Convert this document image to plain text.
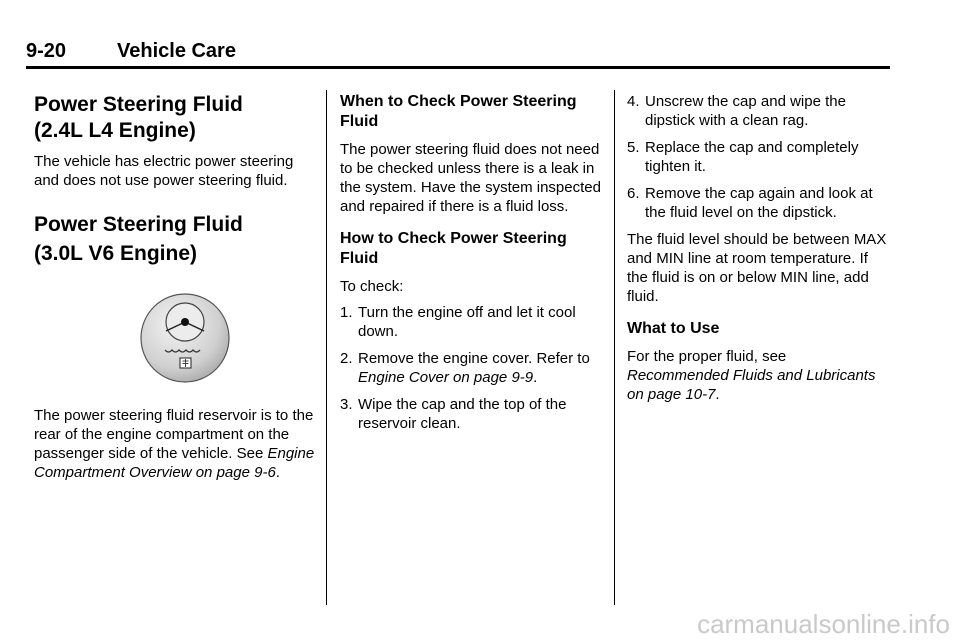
9-20	Vehicle Care
Power Steering Fluid
(2.4L L4 Engine)

The vehicle has electric power steering and does not use power steering fluid.

Power Steering Fluid
(3.0L V6 Engine)

The power steering fluid reservoir is to the rear of the engine compartment on the passenger side of the vehicle. See Engine Compartment Overview on page 9-6.

When to Check Power Steering Fluid

The power steering fluid does not need to be checked unless there is a leak in the system. Have the system inspected and repaired if there is a fluid loss.

How to Check Power Steering Fluid

To check:

1. Turn the engine off and let it cool down.
2. Remove the engine cover. Refer to Engine Cover on page 9-9.
3. Wipe the cap and the top of the reservoir clean.
4. Unscrew the cap and wipe the dipstick with a clean rag.
5. Replace the cap and completely tighten it.
6. Remove the cap again and look at the fluid level on the dipstick.

The fluid level should be between MAX and MIN line at room temperature. If the fluid is on or below MIN line, add fluid.

What to Use

For the proper fluid, see Recommended Fluids and Lubricants on page 10-7.

carmanualsonline.info
